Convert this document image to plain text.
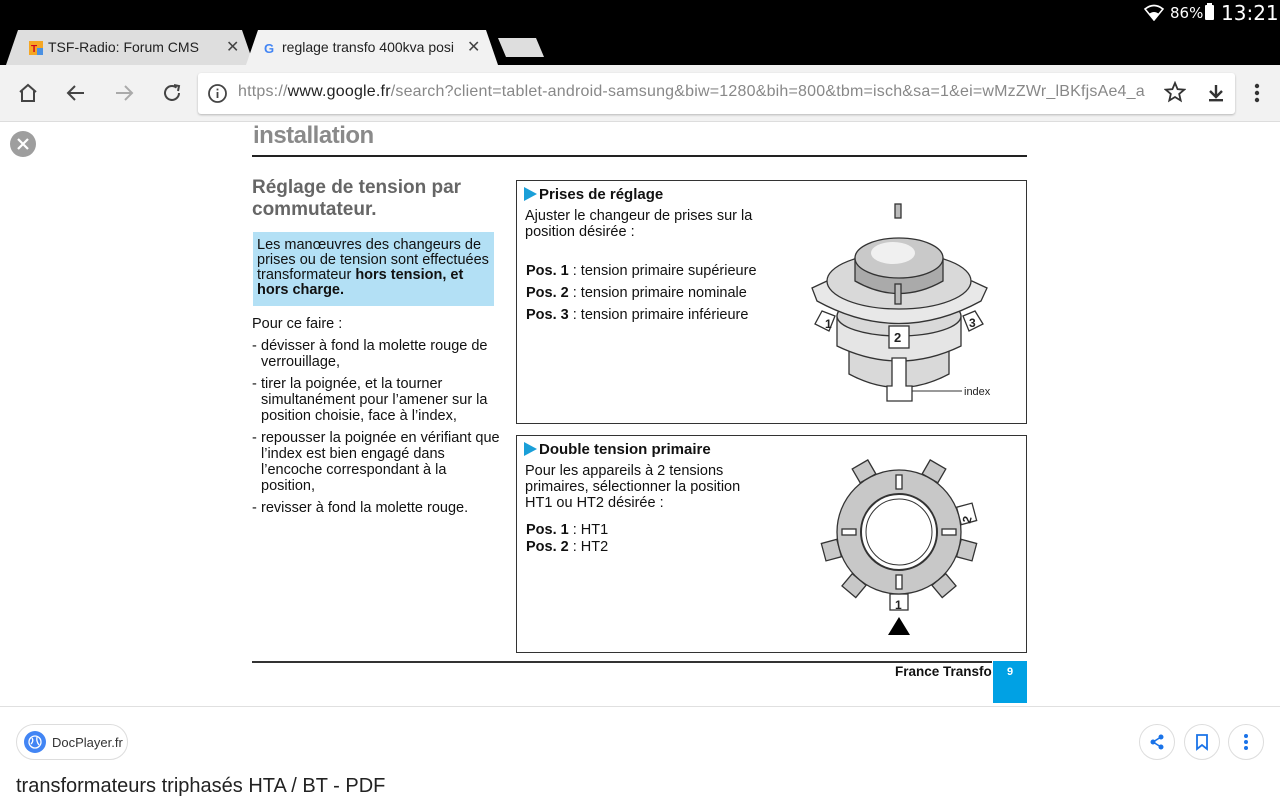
86% 13:21
T TSF-Radio: Forum CMS	✕ G reglage transfo 400kva posi ✕
https://www.google.fr/search?client=tablet-android-samsung&biw=1280&bih=800&tbm=isch&sa=1&ei=wMzZWr_lBKfjsAe4_a
installation
Réglage de tension par commutateur.
Les manœuvres des changeurs de prises ou de tension sont effectuées transformateur hors tension, et hors charge.
Pour ce faire :
- dévisser à fond la molette rouge de verrouillage,
- tirer la poignée, et la tourner simultanément pour l’amener sur la position choisie, face à l’index,
- repousser la poignée en vérifiant que l’index est bien engagé dans l’encoche correspondant à la position,
- revisser à fond la molette rouge.
Prises de réglage
Ajuster le changeur de prises sur la position désirée :
Pos. 1 : tension primaire supérieure
Pos. 2 : tension primaire nominale
Pos. 3 : tension primaire inférieure
1
2
3
index
Double tension primaire
Pour les appareils à 2 tensions primaires, sélectionner la position HT1 ou HT2 désirée :
Pos. 1 : HT1
Pos. 2 : HT2
1
2
France Transfo	9
DocPlayer.fr
transformateurs triphasés HTA / BT - PDF
